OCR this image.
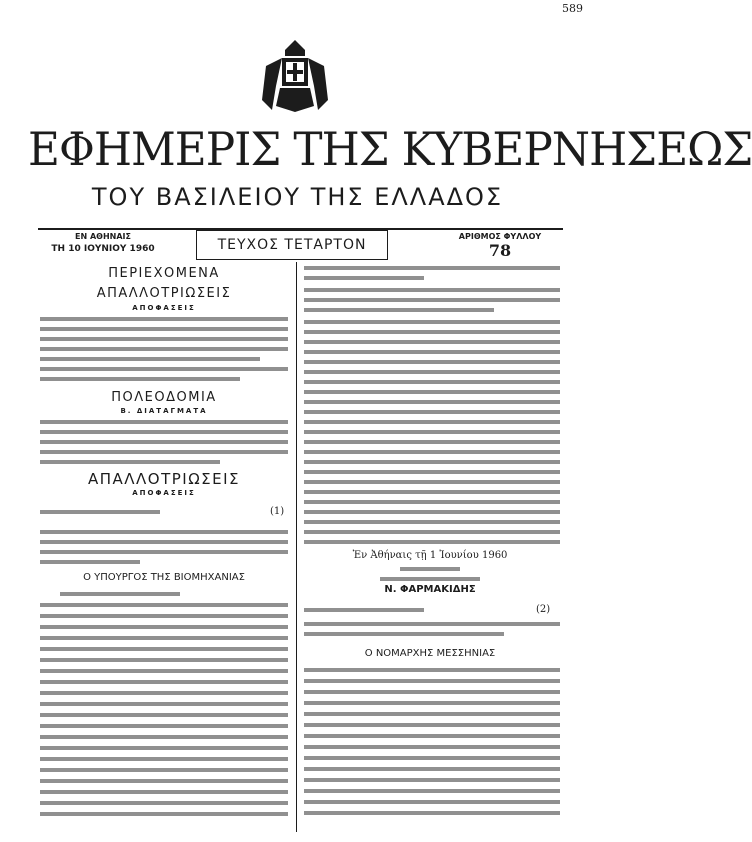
589
ΕΦΗΜΕΡΙΣ ΤΗΣ ΚΥΒΕΡΝΗΣΕΩΣ
ΤΟΥ ΒΑΣΙΛΕΙΟΥ ΤΗΣ ΕΛΛΑΔΟΣ
ΕΝ ΑΘΗΝΑΙΣ
ΤΗ 10 ΙΟΥΝΙΟΥ 1960	ΤΕΥΧΟΣ ΤΕΤΑΡΤΟΝ
ΑΡΙΘΜΟΣ ΦΥΛΛΟΥ
78
ΠΕΡΙΕΧΟΜΕΝΑ
ΑΠΑΛΛΟΤΡΙΩΣΕΙΣ
ΑΠΟΦΑΣΕΙΣ
ΠΟΛΕΟΔΟΜΙΑ
Β. ΔΙΑΤΑΓΜΑΤΑ
ΑΠΑΛΛΟΤΡΙΩΣΕΙΣ
ΑΠΟΦΑΣΕΙΣ
(1)
Ο ΥΠΟΥΡΓΟΣ ΤΗΣ ΒΙΟΜΗΧΑΝΙΑΣ
Ἐν Ἀθήναις τῇ 1 Ἰουνίου 1960
Ν. ΦΑΡΜΑΚΙΔΗΣ
(2)
Ο ΝΟΜΑΡΧΗΣ ΜΕΣΣΗΝΙΑΣ
